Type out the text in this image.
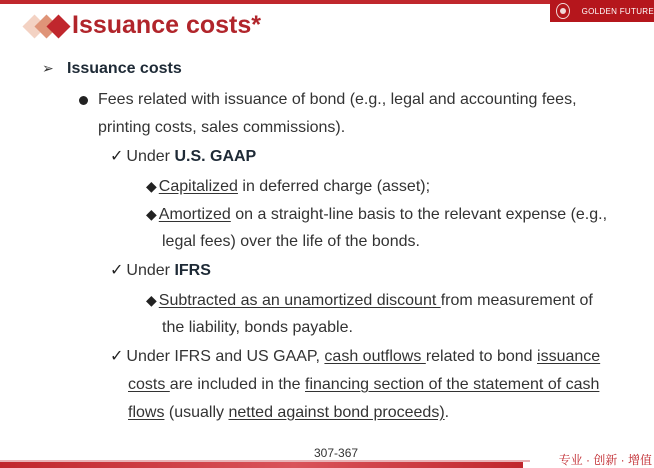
GOLDEN FUTURE
Issuance costs*
➢ Issuance costs
Fees related with issuance of bond (e.g., legal and accounting fees,
printing costs, sales commissions).
✓ Under U.S. GAAP
◆ Capitalized in deferred charge (asset);
◆ Amortized on a straight-line basis to the relevant expense (e.g.,
legal fees) over the life of the bonds.
✓ Under IFRS
◆ Subtracted as an unamortized discount from measurement of
the liability, bonds payable.
✓ Under IFRS and US GAAP, cash outflows related to bond issuance
costs are included in the financing section of the statement of cash
flows (usually netted against bond proceeds).
307-367	专业 · 创新 · 增值
